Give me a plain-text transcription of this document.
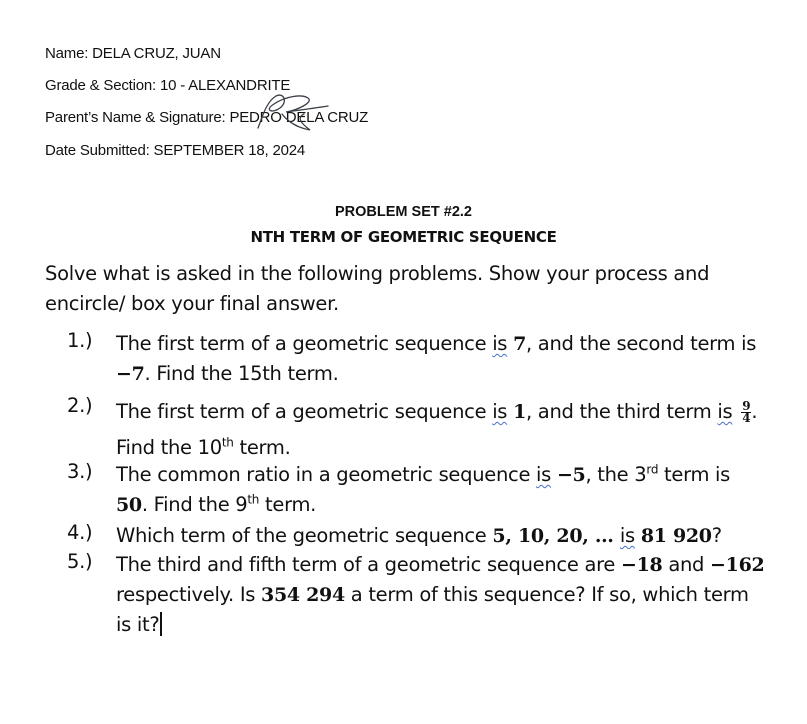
Name: DELA CRUZ, JUAN
Grade & Section: 10 - ALEXANDRITE
Parent’s Name & Signature: PEDRO DELA CRUZ
Date Submitted: SEPTEMBER 18, 2024
PROBLEM SET #2.2
NTH TERM OF GEOMETRIC SEQUENCE
Solve what is asked in the following problems. Show your process and encircle/ box your final answer.
1.) The first term of a geometric sequence is 7, and the second term is
−7. Find the 15th term.
2.) The first term of a geometric sequence is 1, and the third term is $\frac{9}{4}$ .
Find the 10th term.
3.) The common ratio in a geometric sequence is −5, the 3rd term is
50. Find the 9th term.
4.) Which term of the geometric sequence 5, 10, 20, … is 81 920?
5.) The third and fifth term of a geometric sequence are −18 and −162
respectively. Is 354 294 a term of this sequence? If so, which term
is it?
